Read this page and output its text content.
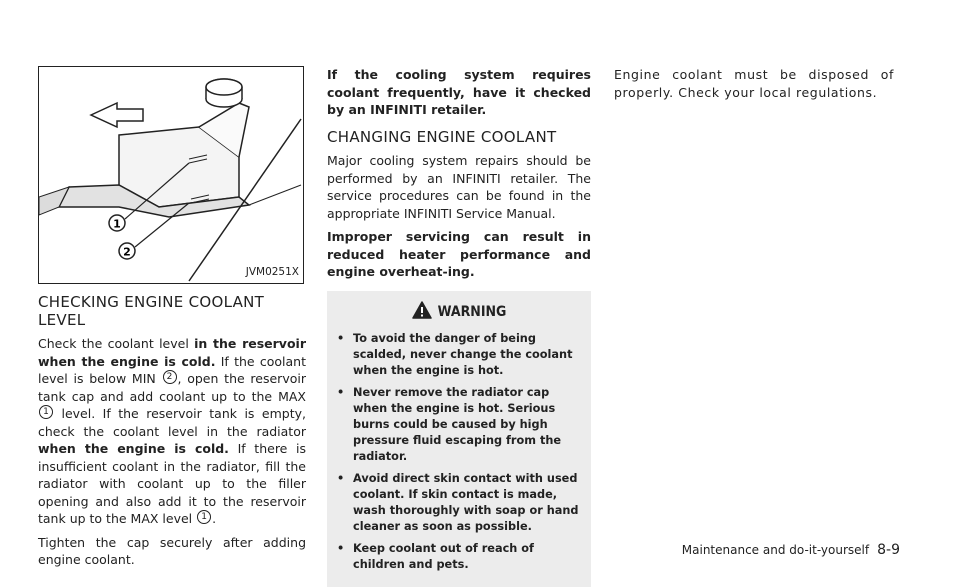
1
2
JVM0251X
CHECKING ENGINE COOLANT LEVEL

Check the coolant level in the reservoir when the engine is cold. If the coolant level is below MIN 2 , open the reservoir tank cap and add coolant up to the MAX 1 level. If the reservoir tank is empty, check the coolant level in the radiator when the engine is cold. If there is insufficient coolant in the radiator, fill the radiator with coolant up to the filler opening and also add it to the reservoir tank up to the MAX level 1 .

Tighten the cap securely after adding engine coolant.

If the cooling system requires coolant frequently, have it checked by an INFINITI retailer.

CHANGING ENGINE COOLANT

Major cooling system repairs should be performed by an INFINITI retailer. The service procedures can be found in the appropriate INFINITI Service Manual.

Improper servicing can result in reduced heater performance and engine overheat-ing.

WARNING
• To avoid the danger of being scalded, never change the coolant when the engine is hot.
• Never remove the radiator cap when the engine is hot. Serious burns could be caused by high pressure fluid escaping from the radiator.
• Avoid direct skin contact with used coolant. If skin contact is made, wash thoroughly with soap or hand cleaner as soon as possible.
• Keep coolant out of reach of children and pets.

Engine coolant must be disposed of properly. Check your local regulations.

Maintenance and do-it-yourself 8-9
